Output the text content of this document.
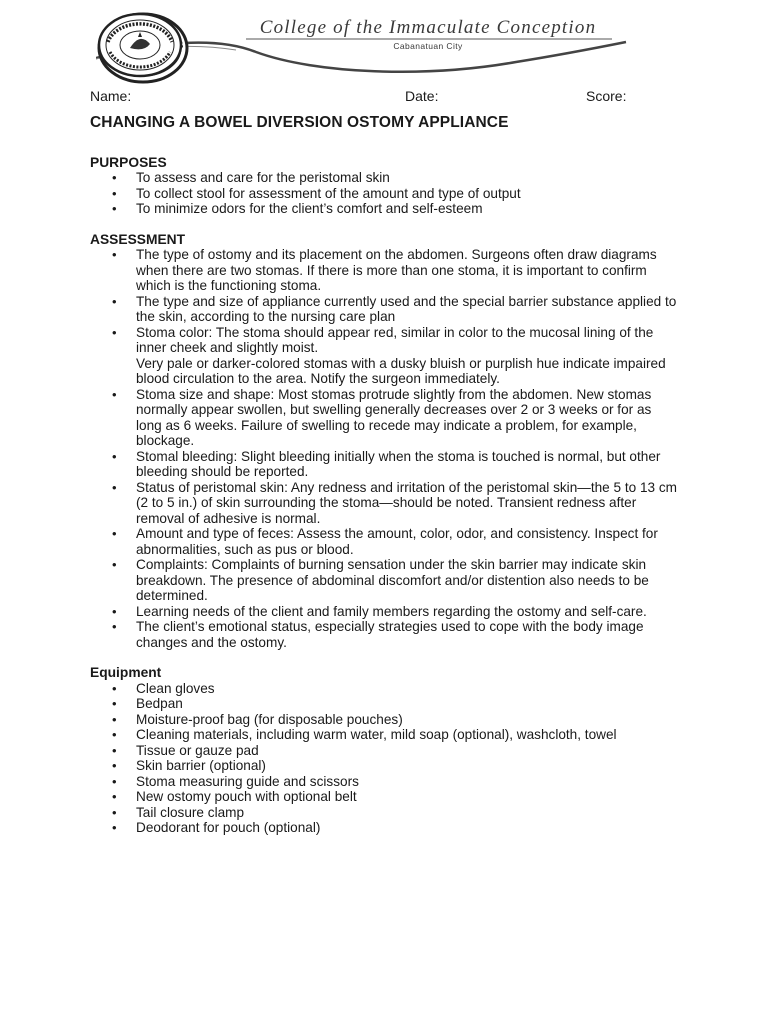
College of the Immaculate Conception
Cabanatuan City
Name:	Date:	Score:
CHANGING A BOWEL DIVERSION OSTOMY APPLIANCE
PURPOSES
• To assess and care for the peristomal skin
• To collect stool for assessment of the amount and type of output
• To minimize odors for the client’s comfort and self-esteem
ASSESSMENT
• The type of ostomy and its placement on the abdomen. Surgeons often draw diagrams when there are two stomas. If there is more than one stoma, it is important to confirm which is the functioning stoma.
• The type and size of appliance currently used and the special barrier substance applied to the skin, according to the nursing care plan
• Stoma color: The stoma should appear red, similar in color to the mucosal lining of the inner cheek and slightly moist.
Very pale or darker-colored stomas with a dusky bluish or purplish hue indicate impaired blood circulation to the area. Notify the surgeon immediately.
• Stoma size and shape: Most stomas protrude slightly from the abdomen. New stomas normally appear swollen, but swelling generally decreases over 2 or 3 weeks or for as long as 6 weeks. Failure of swelling to recede may indicate a problem, for example, blockage.
• Stomal bleeding: Slight bleeding initially when the stoma is touched is normal, but other bleeding should be reported.
• Status of peristomal skin: Any redness and irritation of the peristomal skin—the 5 to 13 cm (2 to 5 in.) of skin surrounding the stoma—should be noted. Transient redness after removal of adhesive is normal.
• Amount and type of feces: Assess the amount, color, odor, and consistency. Inspect for abnormalities, such as pus or blood.
• Complaints: Complaints of burning sensation under the skin barrier may indicate skin breakdown. The presence of abdominal discomfort and/or distention also needs to be determined.
• Learning needs of the client and family members regarding the ostomy and self-care.
• The client’s emotional status, especially strategies used to cope with the body image changes and the ostomy.
Equipment
• Clean gloves
• Bedpan
• Moisture-proof bag (for disposable pouches)
• Cleaning materials, including warm water, mild soap (optional), washcloth, towel
• Tissue or gauze pad
• Skin barrier (optional)
• Stoma measuring guide and scissors
• New ostomy pouch with optional belt
• Tail closure clamp
• Deodorant for pouch (optional)
